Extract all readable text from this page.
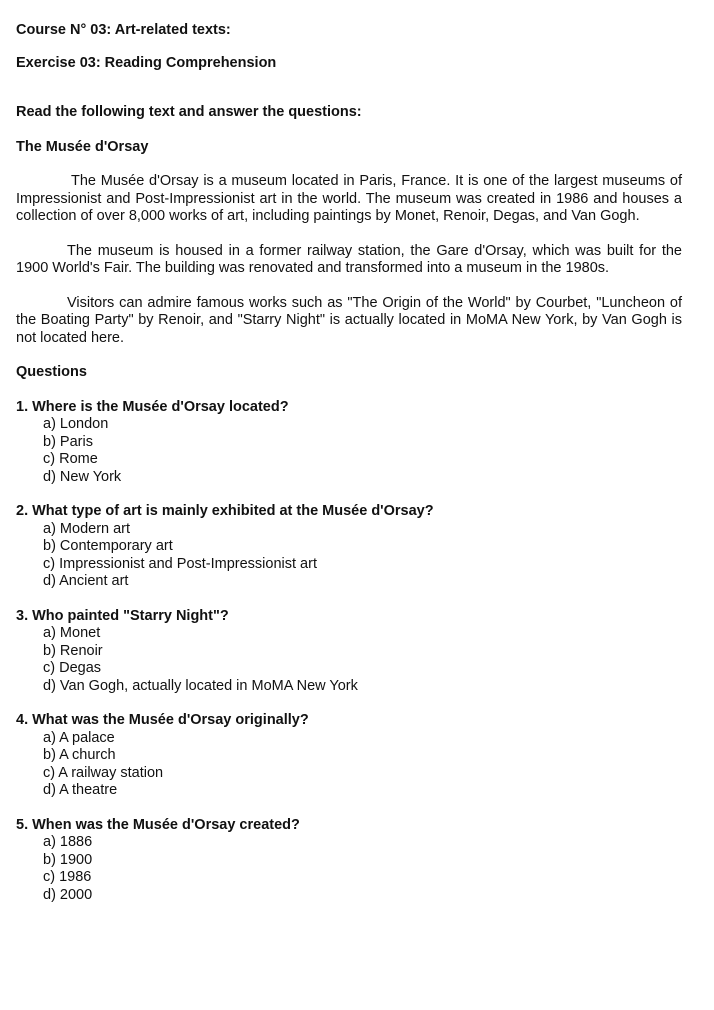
Course N° 03: Art-related texts:
Exercise 03: Reading Comprehension
Read the following text and answer the questions:
The Musée d'Orsay
The Musée d'Orsay is a museum located in Paris, France. It is one of the largest museums of Impressionist and Post-Impressionist art in the world. The museum was created in 1986 and houses a collection of over 8,000 works of art, including paintings by Monet, Renoir, Degas, and Van Gogh.
The museum is housed in a former railway station, the Gare d'Orsay, which was built for the 1900 World's Fair. The building was renovated and transformed into a museum in the 1980s.
Visitors can admire famous works such as "The Origin of the World" by Courbet, "Luncheon of the Boating Party" by Renoir, and "Starry Night" is actually located in MoMA New York, by Van Gogh is not located here.
Questions
1. Where is the Musée d'Orsay located?
a) London
b) Paris
c) Rome
d) New York
2. What type of art is mainly exhibited at the Musée d'Orsay?
a) Modern art
b) Contemporary art
c) Impressionist and Post-Impressionist art
d) Ancient art
3. Who painted "Starry Night"?
a) Monet
b) Renoir
c) Degas
d) Van Gogh, actually located in MoMA New York
4. What was the Musée d'Orsay originally?
a) A palace
b) A church
c) A railway station
d) A theatre
5. When was the Musée d'Orsay created?
a) 1886
b) 1900
c) 1986
d) 2000
